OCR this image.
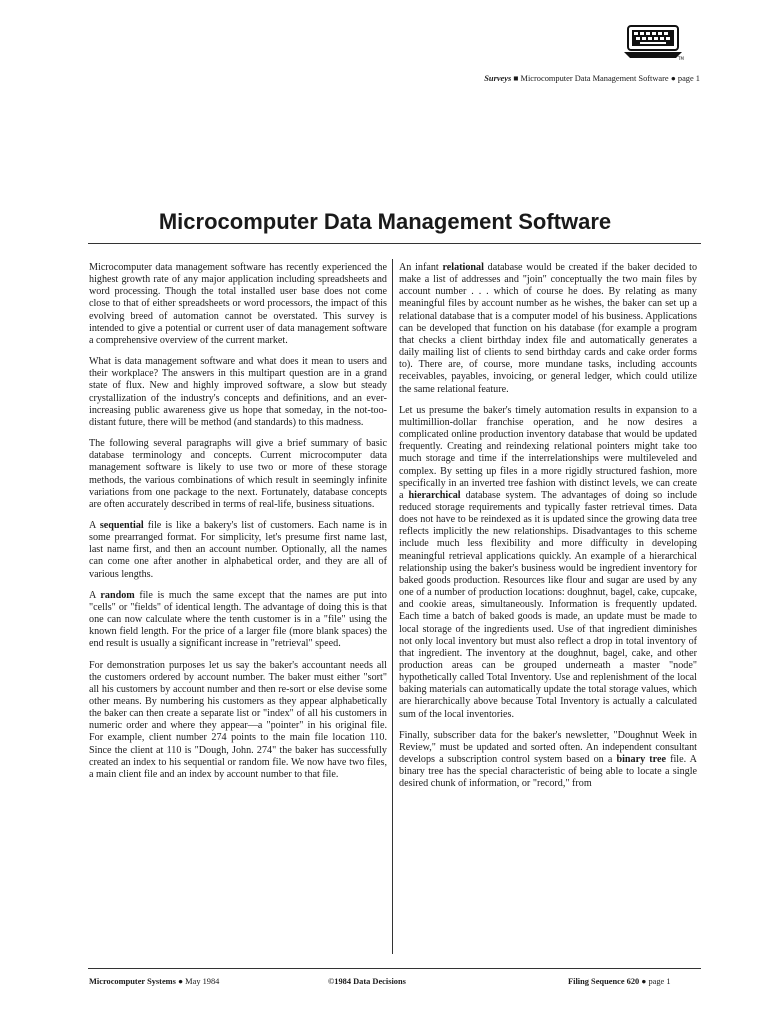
TM
Surveys ■ Microcomputer Data Management Software ● page 1
Microcomputer Data Management Software

Microcomputer data management software has recently experienced the highest growth rate of any major application including spreadsheets and word processing. Though the total installed user base does not come close to that of either spreadsheets or word processors, the impact of this evolving breed of automation cannot be overstated. This survey is intended to give a potential or current user of data management software a comprehensive overview of the current market.

What is data management software and what does it mean to users and their workplace? The answers in this multipart question are in a grand state of flux. New and highly improved software, a slow but steady crystallization of the industry's concepts and definitions, and an ever-increasing public awareness give us hope that someday, in the not-too-distant future, there will be method (and standards) to this madness.

The following several paragraphs will give a brief summary of basic database terminology and concepts. Current microcomputer data management software is likely to use two or more of these storage methods, the various combinations of which result in seemingly infinite variations from one package to the next. Fortunately, database concepts are often accurately described in terms of real-life, business situations.

A sequential file is like a bakery's list of customers. Each name is in some prearranged format. For simplicity, let's presume first name last, last name first, and then an account number. Optionally, all the names can come one after another in alphabetical order, and they are all of various lengths.

A random file is much the same except that the names are put into "cells" or "fields" of identical length. The advantage of doing this is that one can now calculate where the tenth customer is in a "file" using the known field length. For the price of a larger file (more blank spaces) the end result is usually a significant increase in "retrieval" speed.

For demonstration purposes let us say the baker's accountant needs all the customers ordered by account number. The baker must either "sort" all his customers by account number and then re-sort or else devise some other means. By numbering his customers as they appear alphabetically the baker can then create a separate list or "index" of all his customers in numeric order and where they appear—a "pointer" in his original file. For example, client number 274 points to the main file location 110. Since the client at 110 is "Dough, John. 274" the baker has successfully created an index to his sequential or random file. We now have two files, a main client file and an index by account number to that file.

An infant relational database would be created if the baker decided to make a list of addresses and "join" conceptually the two main files by account number . . . which of course he does. By relating as many meaningful files by account number as he wishes, the baker can set up a relational database that is a computer model of his business. Applications can be developed that function on his database (for example a program that checks a client birthday index file and automatically generates a daily mailing list of clients to send birthday cards and cake order forms to). There are, of course, more mundane tasks, including accounts receivables, payables, invoicing, or general ledger, which could utilize the same relational feature.

Let us presume the baker's timely automation results in expansion to a multimillion-dollar franchise operation, and he now desires a complicated online production inventory database that would be updated frequently. Creating and reindexing relational pointers might take too much storage and time if the interrelationships were multileveled and complex. By setting up files in a more rigidly structured fashion, more specifically in an inverted tree fashion with distinct levels, we can create a hierarchical database system. The advantages of doing so include reduced storage requirements and typically faster retrieval times. Data does not have to be reindexed as it is updated since the growing data tree reflects implicitly the new relationships. Disadvantages to this scheme include much less flexibility and more difficulty in developing meaningful retrieval applications quickly. An example of a hierarchical relationship using the baker's business would be ingredient inventory for baked goods production. Resources like flour and sugar are used by any one of a number of production locations: doughnut, bagel, cake, cupcake, and cookie areas, simultaneously. Information is frequently updated. Each time a batch of baked goods is made, an update must be made to local storage of the ingredients used. Use of that ingredient diminishes not only local inventory but must also reflect a drop in total inventory of that ingredient. The inventory at the doughnut, bagel, cake, and other production areas can be grouped underneath a master "node" hypothetically called Total Inventory. Use and replenishment of the local baking materials can automatically update the total storage values, which are hierarchically above because Total Inventory is actually a calculated sum of the local inventories.

Finally, subscriber data for the baker's newsletter, "Doughnut Week in Review," must be updated and sorted often. An independent consultant develops a subscription control system based on a binary tree file. A binary tree has the special characteristic of being able to locate a single desired chunk of information, or "record," from

Microcomputer Systems ● May 1984	©1984 Data Decisions	Filing Sequence 620 ● page 1
